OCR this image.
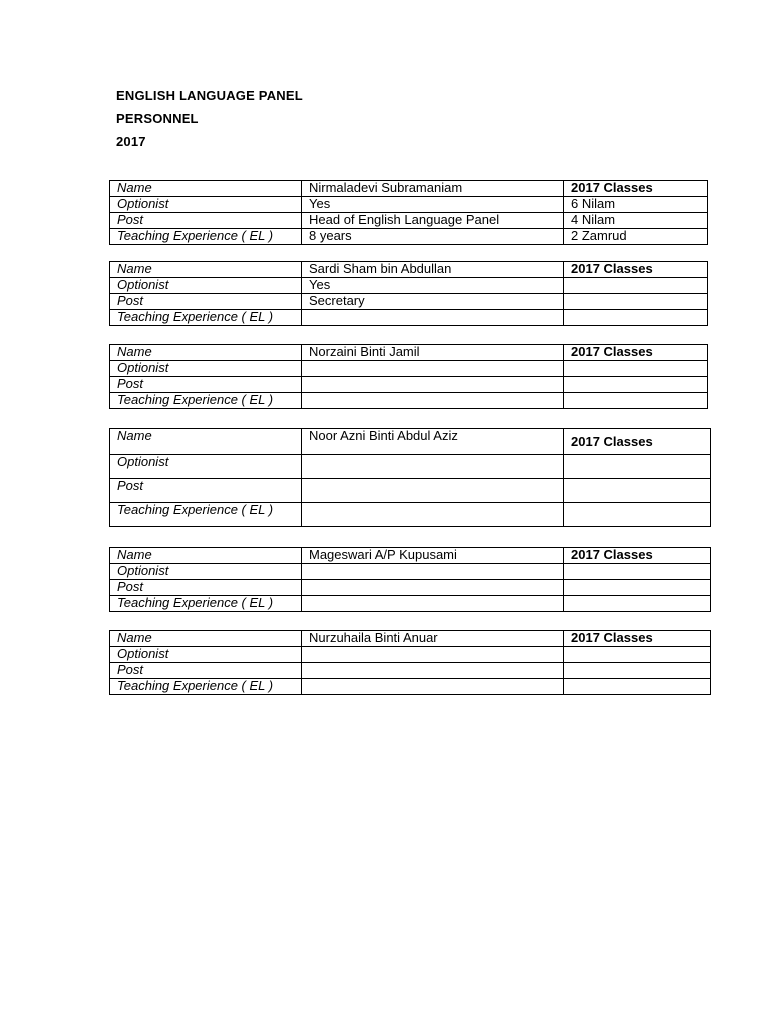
ENGLISH LANGUAGE PANEL

PERSONNEL

2017

Name	Nirmaladevi Subramaniam	2017 Classes
Optionist	Yes	6 Nilam
Post	Head of English Language Panel	4 Nilam
Teaching Experience ( EL )	8 years	2 Zamrud
Name	Sardi Sham bin Abdullan	2017 Classes
Optionist	Yes	
Post	Secretary	
Teaching Experience ( EL )		
Name	Norzaini Binti Jamil	2017 Classes
Optionist		
Post		
Teaching Experience ( EL )		
Name	Noor Azni Binti Abdul Aziz	2017 Classes
Optionist		
Post		
Teaching Experience ( EL )		
Name	Mageswari A/P Kupusami	2017 Classes
Optionist		
Post		
Teaching Experience ( EL )		
Name	Nurzuhaila Binti Anuar	2017 Classes
Optionist		
Post		
Teaching Experience ( EL )		
